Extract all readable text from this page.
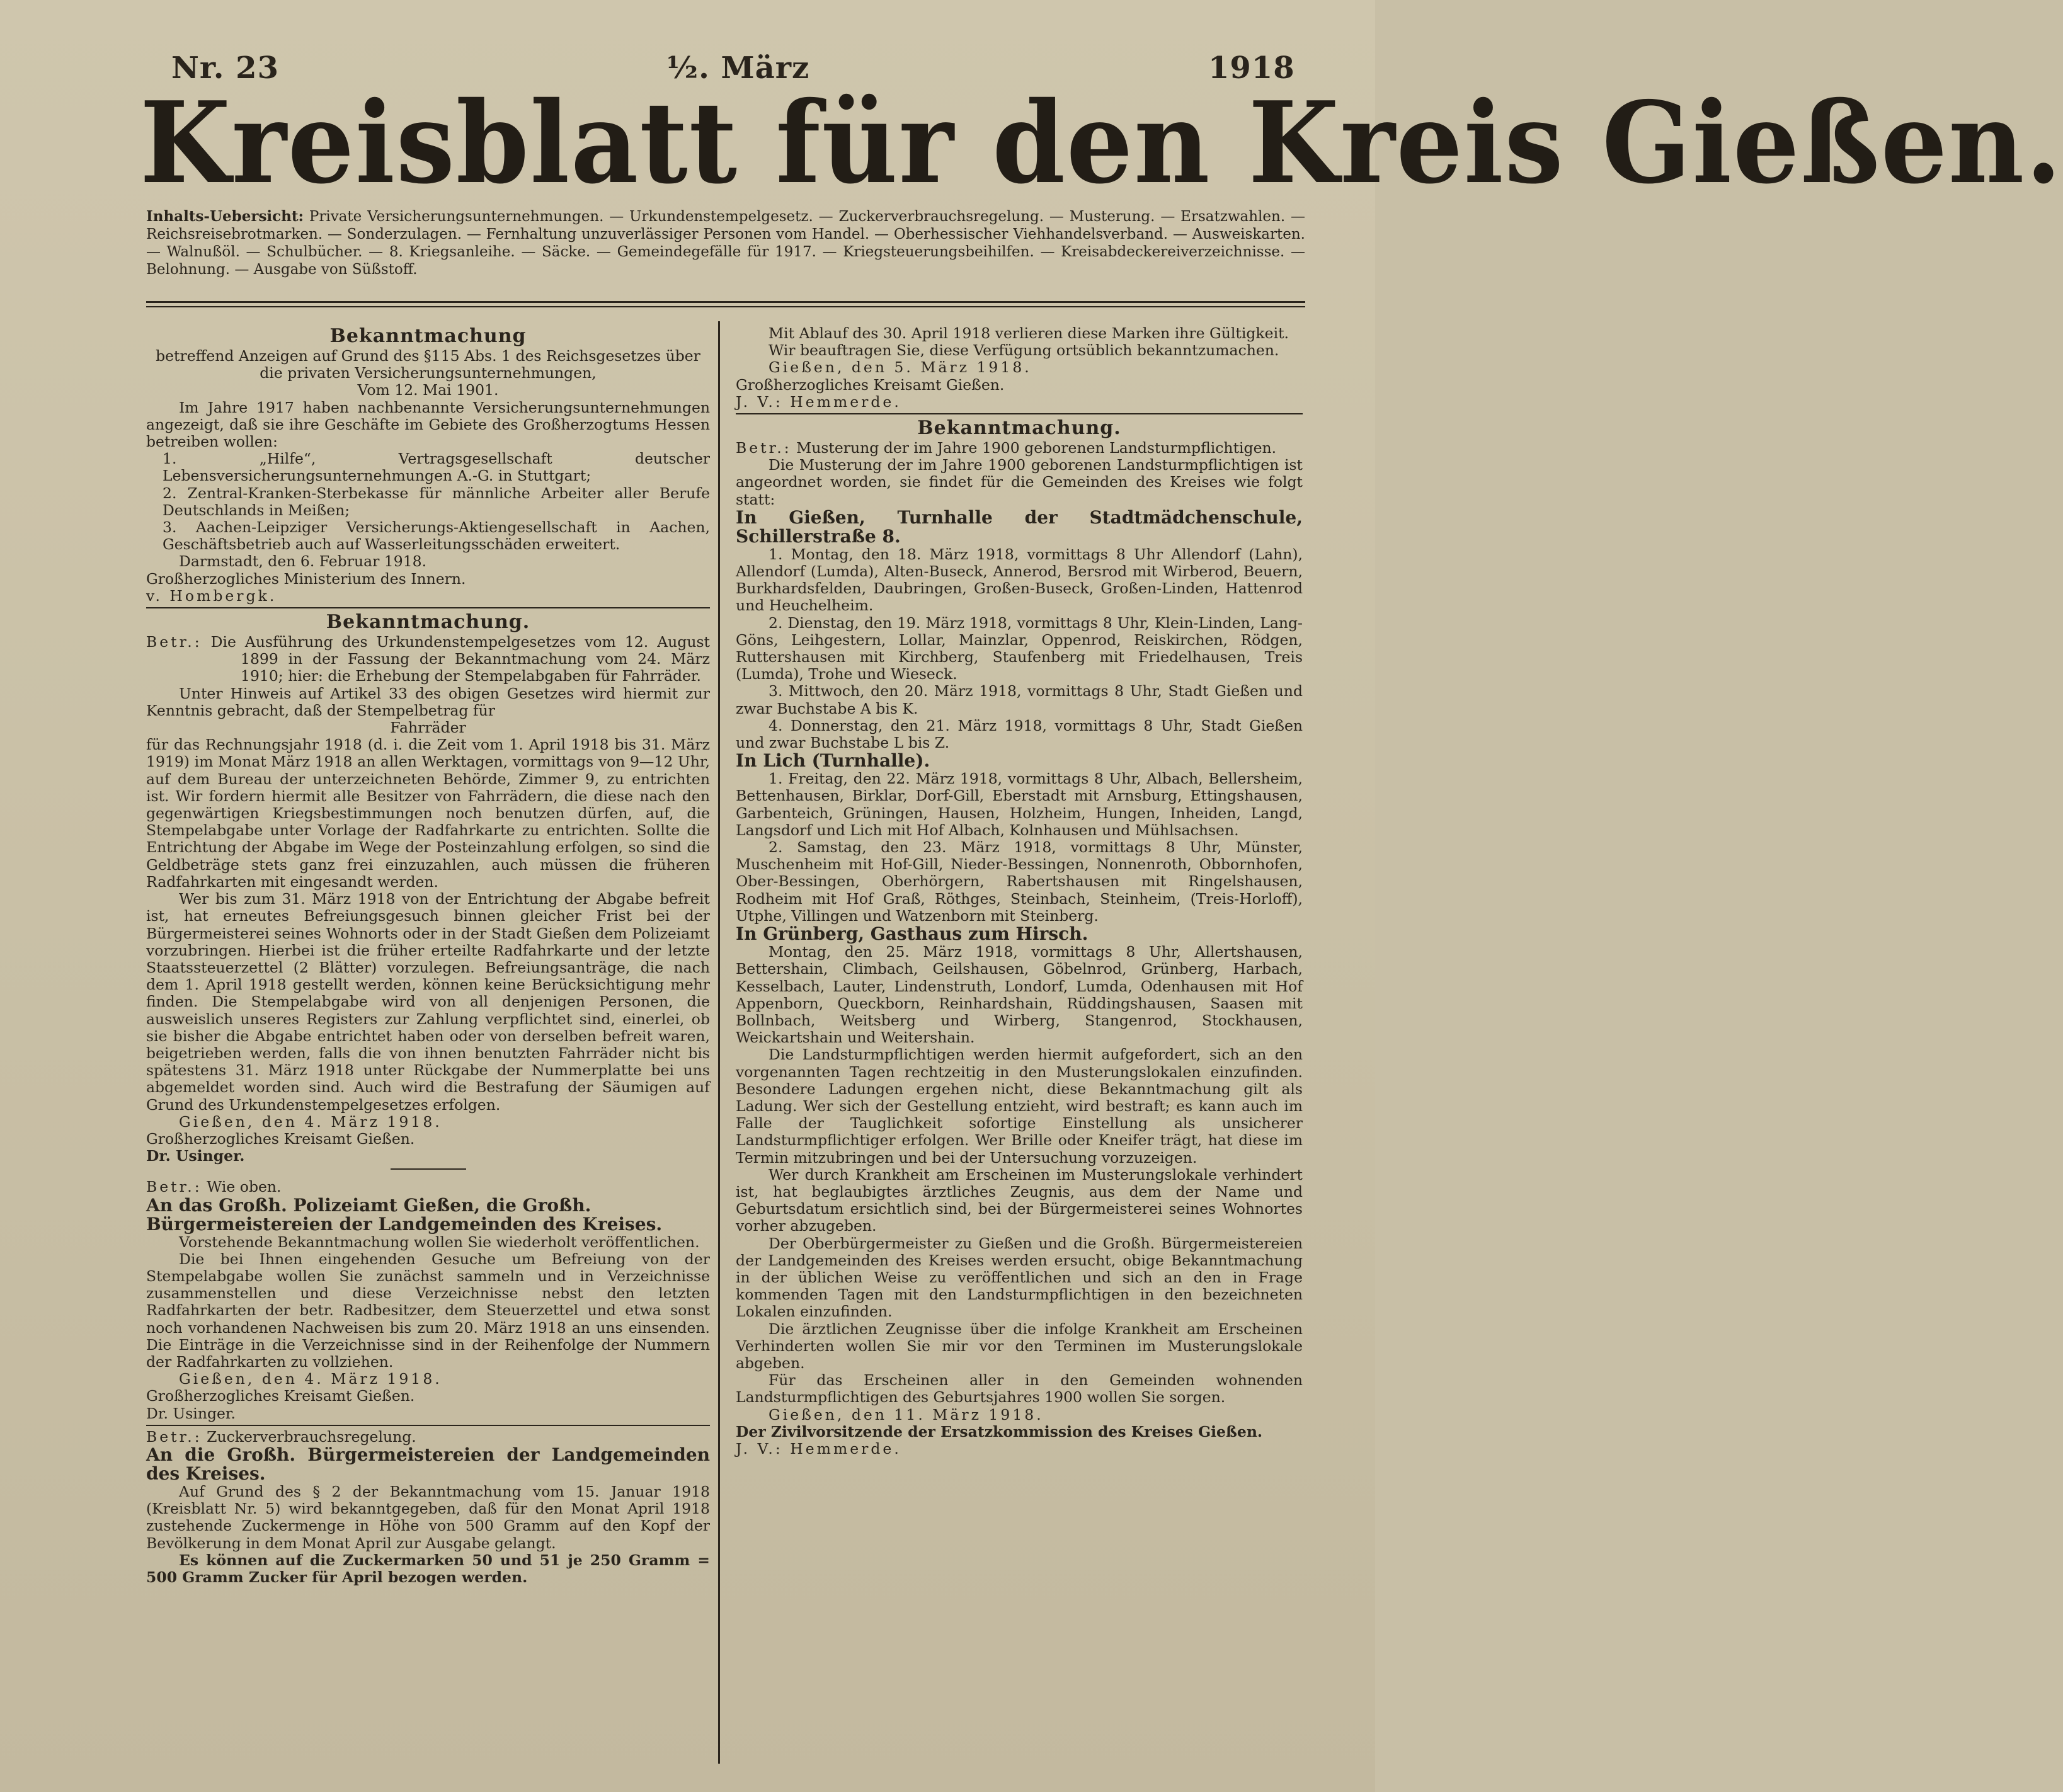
Nr. 23	½. März	1918
Kreisblatt für den Kreis Gießen.
Inhalts-Uebersicht: Private Versicherungsunternehmungen. — Urkundenstempelgesetz. — Zuckerverbrauchsregelung. — Musterung. — Ersatzwahlen. — Reichsreisebrotmarken. — Sonderzulagen. — Fernhaltung unzuverlässiger Personen vom Handel. — Oberhessischer Viehhandelsverband. — Ausweiskarten. — Walnußöl. — Schulbücher. — 8. Kriegsanleihe. — Säcke. — Gemeindegefälle für 1917. — Kriegsteuerungsbeihilfen. — Kreisabdeckereiverzeichnisse. — Belohnung. — Ausgabe von Süßstoff.
Bekanntmachung

betreffend Anzeigen auf Grund des §115 Abs. 1 des Reichsgesetzes über die privaten Versicherungsunternehmungen,

Vom 12. Mai 1901.

Im Jahre 1917 haben nachbenannte Versicherungsunternehmungen angezeigt, daß sie ihre Geschäfte im Gebiete des Großherzogtums Hessen betreiben wollen:

1. „Hilfe“, Vertragsgesellschaft deutscher Lebensversicherungsunternehmungen A.-G. in Stuttgart;

2. Zentral-Kranken-Sterbekasse für männliche Arbeiter aller Berufe Deutschlands in Meißen;

3. Aachen-Leipziger Versicherungs-Aktiengesellschaft in Aachen, Geschäftsbetrieb auch auf Wasserleitungsschäden erweitert.

Darmstadt, den 6. Februar 1918.

Großherzogliches Ministerium des Innern.

v. Hombergk.

Bekanntmachung.

Betr.: Die Ausführung des Urkundenstempelgesetzes vom 12. August 1899 in der Fassung der Bekanntmachung vom 24. März 1910; hier: die Erhebung der Stempelabgaben für Fahrräder.

Unter Hinweis auf Artikel 33 des obigen Gesetzes wird hiermit zur Kenntnis gebracht, daß der Stempelbetrag für

Fahrräder

für das Rechnungsjahr 1918 (d. i. die Zeit vom 1. April 1918 bis 31. März 1919) im Monat März 1918 an allen Werktagen, vormittags von 9—12 Uhr, auf dem Bureau der unterzeichneten Behörde, Zimmer 9, zu entrichten ist. Wir fordern hiermit alle Besitzer von Fahrrädern, die diese nach den gegenwärtigen Kriegsbestimmungen noch benutzen dürfen, auf, die Stempelabgabe unter Vorlage der Radfahrkarte zu entrichten. Sollte die Entrichtung der Abgabe im Wege der Posteinzahlung erfolgen, so sind die Geldbeträge stets ganz frei einzuzahlen, auch müssen die früheren Radfahrkarten mit eingesandt werden.

Wer bis zum 31. März 1918 von der Entrichtung der Abgabe befreit ist, hat erneutes Befreiungsgesuch binnen gleicher Frist bei der Bürgermeisterei seines Wohnorts oder in der Stadt Gießen dem Polizeiamt vorzubringen. Hierbei ist die früher erteilte Radfahrkarte und der letzte Staatssteuerzettel (2 Blätter) vorzulegen. Befreiungsanträge, die nach dem 1. April 1918 gestellt werden, können keine Berücksichtigung mehr finden. Die Stempelabgabe wird von all denjenigen Personen, die ausweislich unseres Registers zur Zahlung verpflichtet sind, einerlei, ob sie bisher die Abgabe entrichtet haben oder von derselben befreit waren, beigetrieben werden, falls die von ihnen benutzten Fahrräder nicht bis spätestens 31. März 1918 unter Rückgabe der Nummerplatte bei uns abgemeldet worden sind. Auch wird die Bestrafung der Säumigen auf Grund des Urkundenstempelgesetzes erfolgen.

Gießen, den 4. März 1918.

Großherzogliches Kreisamt Gießen.

Dr. Usinger.

Betr.: Wie oben.

An das Großh. Polizeiamt Gießen, die Großh. Bürgermeistereien der Landgemeinden des Kreises.

Vorstehende Bekanntmachung wollen Sie wiederholt veröffentlichen.

Die bei Ihnen eingehenden Gesuche um Befreiung von der Stempelabgabe wollen Sie zunächst sammeln und in Verzeichnisse zusammenstellen und diese Verzeichnisse nebst den letzten Radfahrkarten der betr. Radbesitzer, dem Steuerzettel und etwa sonst noch vorhandenen Nachweisen bis zum 20. März 1918 an uns einsenden. Die Einträge in die Verzeichnisse sind in der Reihenfolge der Nummern der Radfahrkarten zu vollziehen.

Gießen, den 4. März 1918.

Großherzogliches Kreisamt Gießen.

Dr. Usinger.

Betr.: Zuckerverbrauchsregelung.

An die Großh. Bürgermeistereien der Landgemeinden des Kreises.

Auf Grund des § 2 der Bekanntmachung vom 15. Januar 1918 (Kreisblatt Nr. 5) wird bekanntgegeben, daß für den Monat April 1918 zustehende Zuckermenge in Höhe von 500 Gramm auf den Kopf der Bevölkerung in dem Monat April zur Ausgabe gelangt.

Es können auf die Zuckermarken 50 und 51 je 250 Gramm = 500 Gramm Zucker für April bezogen werden.

Mit Ablauf des 30. April 1918 verlieren diese Marken ihre Gültigkeit.

Wir beauftragen Sie, diese Verfügung ortsüblich bekanntzumachen.

Gießen, den 5. März 1918.

Großherzogliches Kreisamt Gießen.

J. V.: Hemmerde.

Bekanntmachung.

Betr.: Musterung der im Jahre 1900 geborenen Landsturmpflichtigen.

Die Musterung der im Jahre 1900 geborenen Landsturmpflichtigen ist angeordnet worden, sie findet für die Gemeinden des Kreises wie folgt statt:

In Gießen, Turnhalle der Stadtmädchenschule, Schillerstraße 8.

1. Montag, den 18. März 1918, vormittags 8 Uhr Allendorf (Lahn), Allendorf (Lumda), Alten-Buseck, Annerod, Bersrod mit Wirberod, Beuern, Burkhardsfelden, Daubringen, Großen-Buseck, Großen-Linden, Hattenrod und Heuchelheim.

2. Dienstag, den 19. März 1918, vormittags 8 Uhr, Klein-Linden, Lang-Göns, Leihgestern, Lollar, Mainzlar, Oppenrod, Reiskirchen, Rödgen, Ruttershausen mit Kirchberg, Staufenberg mit Friedelhausen, Treis (Lumda), Trohe und Wieseck.

3. Mittwoch, den 20. März 1918, vormittags 8 Uhr, Stadt Gießen und zwar Buchstabe A bis K.

4. Donnerstag, den 21. März 1918, vormittags 8 Uhr, Stadt Gießen und zwar Buchstabe L bis Z.

In Lich (Turnhalle).

1. Freitag, den 22. März 1918, vormittags 8 Uhr, Albach, Bellersheim, Bettenhausen, Birklar, Dorf-Gill, Eberstadt mit Arnsburg, Ettingshausen, Garbenteich, Grüningen, Hausen, Holzheim, Hungen, Inheiden, Langd, Langsdorf und Lich mit Hof Albach, Kolnhausen und Mühlsachsen.

2. Samstag, den 23. März 1918, vormittags 8 Uhr, Münster, Muschenheim mit Hof-Gill, Nieder-Bessingen, Nonnenroth, Obbornhofen, Ober-Bessingen, Oberhörgern, Rabertshausen mit Ringelshausen, Rodheim mit Hof Graß, Röthges, Steinbach, Steinheim, (Treis-Horloff), Utphe, Villingen und Watzenborn mit Steinberg.

In Grünberg, Gasthaus zum Hirsch.

Montag, den 25. März 1918, vormittags 8 Uhr, Allertshausen, Bettershain, Climbach, Geilshausen, Göbelnrod, Grünberg, Harbach, Kesselbach, Lauter, Lindenstruth, Londorf, Lumda, Odenhausen mit Hof Appenborn, Queckborn, Reinhardshain, Rüddingshausen, Saasen mit Bollnbach, Weitsberg und Wirberg, Stangenrod, Stockhausen, Weickartshain und Weitershain.

Die Landsturmpflichtigen werden hiermit aufgefordert, sich an den vorgenannten Tagen rechtzeitig in den Musterungslokalen einzufinden. Besondere Ladungen ergehen nicht, diese Bekanntmachung gilt als Ladung. Wer sich der Gestellung entzieht, wird bestraft; es kann auch im Falle der Tauglichkeit sofortige Einstellung als unsicherer Landsturmpflichtiger erfolgen. Wer Brille oder Kneifer trägt, hat diese im Termin mitzubringen und bei der Untersuchung vorzuzeigen.

Wer durch Krankheit am Erscheinen im Musterungslokale verhindert ist, hat beglaubigtes ärztliches Zeugnis, aus dem der Name und Geburtsdatum ersichtlich sind, bei der Bürgermeisterei seines Wohnortes vorher abzugeben.

Der Oberbürgermeister zu Gießen und die Großh. Bürgermeistereien der Landgemeinden des Kreises werden ersucht, obige Bekanntmachung in der üblichen Weise zu veröffentlichen und sich an den in Frage kommenden Tagen mit den Landsturmpflichtigen in den bezeichneten Lokalen einzufinden.

Die ärztlichen Zeugnisse über die infolge Krankheit am Erscheinen Verhinderten wollen Sie mir vor den Terminen im Musterungslokale abgeben.

Für das Erscheinen aller in den Gemeinden wohnenden Landsturmpflichtigen des Geburtsjahres 1900 wollen Sie sorgen.

Gießen, den 11. März 1918.

Der Zivilvorsitzende der Ersatzkommission des Kreises Gießen.

J. V.: Hemmerde.
